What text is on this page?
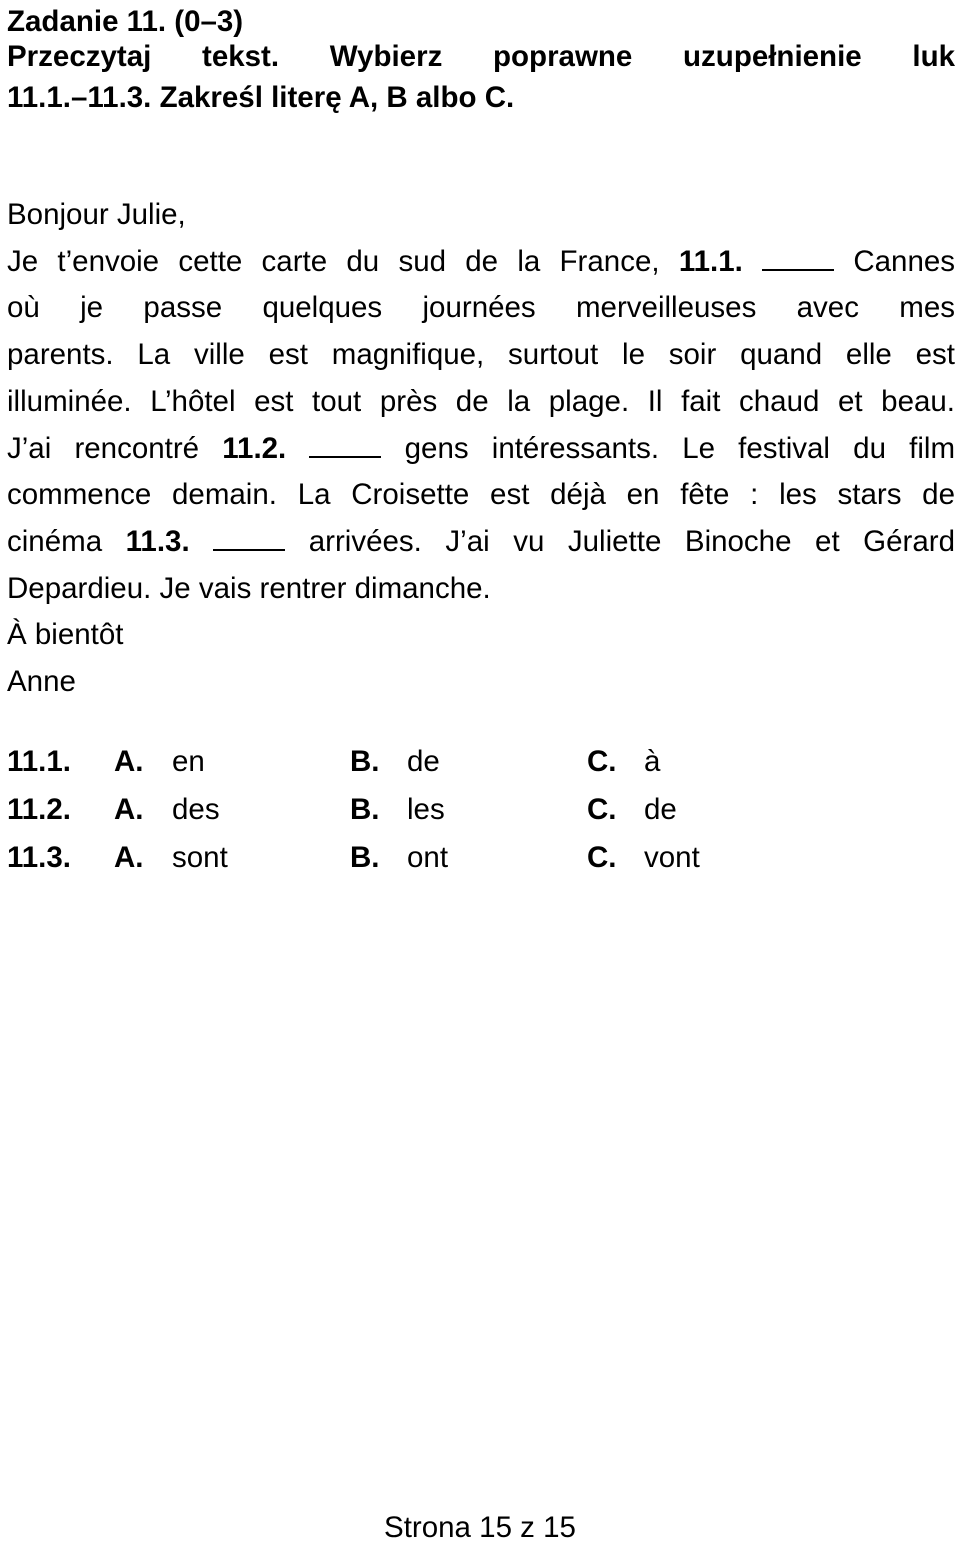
Zadanie 11. (0–3)
Przeczytaj tekst. Wybierz poprawne uzupełnienie luk
11.1.–11.3. Zakreśl literę A, B albo C.
Bonjour Julie,
Je t’envoie cette carte du sud de la France, 11.1.	Cannes
où je passe quelques journées merveilleuses avec mes
parents. La ville est magnifique, surtout le soir quand elle est
illuminée. L’hôtel est tout près de la plage. Il fait chaud et beau.
J’ai rencontré 11.2.	gens intéressants. Le festival du film
commence demain. La Croisette est déjà en fête : les stars de
cinéma 11.3.	arrivées. J’ai vu Juliette Binoche et Gérard
Depardieu. Je vais rentrer dimanche.
À bientôt
Anne
11.1. A. en	B. de	C. à
11.2. A. des	B. les	C. de
11.3. A. sont	B. ont	C. vont
Strona 15 z 15
